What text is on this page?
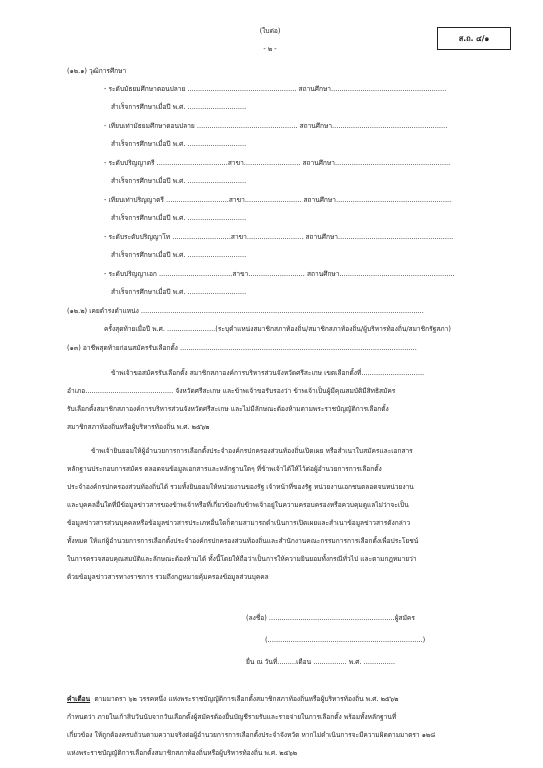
(ใบต่อ)
- ๒ -
ส.ถ. ๔/๑
(๑๒.๑) วุฒิการศึกษา
- ระดับมัธยมศึกษาตอนปลาย .................................................... สถานศึกษา.......................................................
สำเร็จการศึกษาเมื่อปี พ.ศ. ............................
- เทียบเท่ามัธยมศึกษาตอนปลาย ................................................ สถานศึกษา.......................................................
สำเร็จการศึกษาเมื่อปี พ.ศ. ............................
- ระดับปริญญาตรี ..................................สาขา........................... สถานศึกษา.......................................................
สำเร็จการศึกษาเมื่อปี พ.ศ. ............................
- เทียบเท่าปริญญาตรี ..............................สาขา........................... สถานศึกษา.......................................................
สำเร็จการศึกษาเมื่อปี พ.ศ. ............................
- ระดับระดับปริญญาโท ............................สาขา........................... สถานศึกษา.......................................................
สำเร็จการศึกษาเมื่อปี พ.ศ. ............................
- ระดับปริญญาเอก ...................................สาขา........................... สถานศึกษา.......................................................
สำเร็จการศึกษาเมื่อปี พ.ศ. ............................
(๑๒.๒) เคยดำรงตำแหน่ง .......................................................................................................................................
ครั้งสุดท้ายเมื่อปี พ.ศ. .......................(ระบุตำแหน่งสมาชิกสภาท้องถิ่น/สมาชิกสภาท้องถิ่น/ผู้บริหารท้องถิ่น/สมาชิกรัฐสภา)
(๑๓) อาชีพสุดท้ายก่อนสมัครรับเลือกตั้ง .................................................................................................................
ข้าพเจ้าขอสมัครรับเลือกตั้ง สมาชิกสภาองค์การบริหารส่วนจังหวัดศรีสะเกษ เขตเลือกตั้งที่..............................
อำเภอ.......................................... จังหวัดศรีสะเกษ และข้าพเจ้าขอรับรองว่า ข้าพเจ้าเป็นผู้มีคุณสมบัติมีสิทธิสมัคร
รับเลือกตั้งสมาชิกสภาองค์การบริหารส่วนจังหวัดศรีสะเกษ และไม่มีลักษณะต้องห้ามตามพระราชบัญญัติการเลือกตั้ง
สมาชิกสภาท้องถิ่นหรือผู้บริหารท้องถิ่น พ.ศ. ๒๕๖๒
ข้าพเจ้ายินยอมให้ผู้อำนวยการการเลือกตั้งประจำองค์กรปกครองส่วนท้องถิ่นเปิดเผย หรือสำเนาใบสมัครและเอกสาร
หลักฐานประกอบการสมัคร ตลอดจนข้อมูลเอกสารและหลักฐานใดๆ ที่ข้าพเจ้าได้ให้ไว้ต่อผู้อำนวยการการเลือกตั้ง
ประจำองค์กรปกครองส่วนท้องถิ่นได้ รวมทั้งยินยอมให้หน่วยงานของรัฐ เจ้าหน้าที่ของรัฐ หน่วยงานเอกชนตลอดจนหน่วยงาน
และบุคคลอื่นใดที่มีข้อมูลข่าวสารของข้าพเจ้าหรือที่เกี่ยวข้องกับข้าพเจ้าอยู่ในความครอบครองหรือควบคุมดูแลไม่ว่าจะเป็น
ข้อมูลข่าวสารส่วนบุคคลหรือข้อมูลข่าวสารประเภทอื่นใดก็ตามสามารถดำเนินการเปิดเผยและสำเนาข้อมูลข่าวสารดังกล่าว
ทั้งหมด ให้แก่ผู้อำนวยการการเลือกตั้งประจำองค์กรปกครองส่วนท้องถิ่นและสำนักงานคณะกรรมการการเลือกตั้งเพื่อประโยชน์
ในการตรวจสอบคุณสมบัติและลักษณะต้องห้ามได้ ทั้งนี้โดยให้ถือว่าเป็นการให้ความยินยอมทั้งกรณีทั่วไป และตามกฎหมายว่า
ด้วยข้อมูลข่าวสารทางราชการ รวมถึงกฎหมายคุ้มครองข้อมูลส่วนบุคคล
(ลงชื่อ) ............................................................ผู้สมัคร
(..........................................................................)
ยื่น ณ วันที่.........เดือน ................ พ.ศ. ...............
คำเตือน ตามมาตรา ๖๒ วรรคหนึ่ง แห่งพระราชบัญญัติการเลือกตั้งสมาชิกสภาท้องถิ่นหรือผู้บริหารท้องถิ่น พ.ศ. ๒๕๖๒
กำหนดว่า ภายในเก้าสิบวันนับจากวันเลือกตั้งผู้สมัครต้องยื่นบัญชีรายรับและรายจ่ายในการเลือกตั้ง พร้อมทั้งหลักฐานที่
เกี่ยวข้อง ให้ถูกต้องครบถ้วนตามความจริงต่อผู้อำนวยการการเลือกตั้งประจำจังหวัด หากไม่ดำเนินการจะมีความผิดตามมาตรา ๑๒๘
แห่งพระราชบัญญัติการเลือกตั้งสมาชิกสภาท้องถิ่นหรือผู้บริหารท้องถิ่น พ.ศ. ๒๕๖๒
